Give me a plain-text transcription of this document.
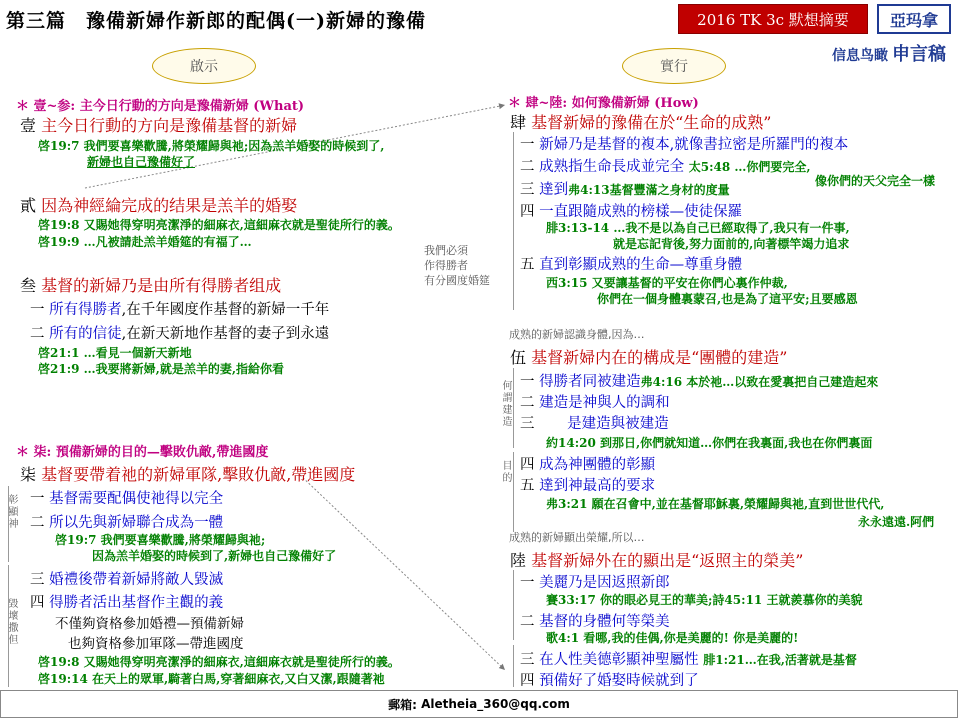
第三篇　豫備新婦作新郎的配偶(一)新婦的豫備	2016 TK 3c 默想摘要	亞玛拿
信息鸟瞰 申言稿
啟示	實行
＊ 壹~参: 主今日行動的方向是豫備新婦 (What)
壹 主今日行動的方向是豫備基督的新婦
啓19:7 我們要喜樂歡騰,將榮耀歸與祂;因為羔羊婚娶的時候到了,
新婦也自己豫備好了
貳 因為神經綸完成的结果是羔羊的婚娶
啓19:8 又賜她得穿明亮潔淨的細麻衣,這細麻衣就是聖徒所行的義。
啓19:9 …凡被請赴羔羊婚筵的有福了…
叁 基督的新婦乃是由所有得勝者组成
一 所有得勝者,在千年國度作基督的新婦一千年
二 所有的信徒,在新天新地作基督的妻子到永遠
啓21:1 …看見一個新天新地
啓21:9 …我要將新婦,就是羔羊的妻,指給你看
＊ 柒: 預備新婦的目的—擊敗仇敵,帶進國度
柒 基督要帶着祂的新婦軍隊,擊敗仇敵,帶進國度
彰顯神 一 基督需要配偶使祂得以完全
二 所以先與新婦聯合成為一體
啓19:7 我們要喜樂歡騰,將榮耀歸與祂;
因為羔羊婚娶的時候到了,新婦也自己豫備好了
毀壞撒但
三 婚禮後帶着新婦將敵人毀滅
四 得勝者活出基督作主觀的義
不僅夠資格參加婚禮—預備新婦
也夠資格參加軍隊—帶進國度
啓19:8 又賜她得穿明亮潔淨的細麻衣,這細麻衣就是聖徒所行的義。
啓19:14 在天上的眾軍,騎著白馬,穿著細麻衣,又白又潔,跟隨著祂
我們必須
作得勝者
有分國度婚筵
＊ 肆~陸: 如何豫備新婦 (How)
肆 基督新婦的豫備在於“生命的成熟”
一 新婦乃是基督的複本,就像書拉密是所羅門的複本
二 成熟指生命長成並完全 太5:48 …你們要完全,
像你們的天父完全一樣
三 達到弗4:13基督豐滿之身材的度量
四 一直跟隨成熟的榜樣—使徒保羅
腓3:13-14 …我不是以為自己已經取得了,我只有一件事,
就是忘記背後,努力面前的,向著標竿竭力追求
五 直到彰顯成熟的生命—尊重身體
西3:15 又要讓基督的平安在你們心裏作仲裁,
你們在一個身體裏蒙召,也是為了這平安;且要感恩
成熟的新婦認識身體,因為…
伍 基督新婦内在的構成是“團體的建造”
何謂建造 一 得勝者同被建造弗4:16 本於祂…以致在愛裏把自己建造起來
二 建造是神與人的調和
三 是建造與被建造
約14:20 到那日,你們就知道…你們在我裏面,我也在你們裏面
目的 四 成為神團體的彰顯
五 達到神最高的要求
弗3:21 願在召會中,並在基督耶穌裏,榮耀歸與祂,直到世世代代,
永永遠遠.阿們
成熟的新婦顯出榮耀,所以…
陸 基督新婦外在的顯出是“返照主的榮美”
一 美麗乃是因返照新郎
賽33:17 你的眼必見王的華美;詩45:11 王就羨慕你的美貌
二 基督的身體何等榮美
歌4:1 看哪,我的佳偶,你是美麗的! 你是美麗的!
三 在人性美德彰顯神聖屬性 腓1:21…在我,活著就是基督
四 預備好了婚娶時候就到了
郵箱:
Aletheia_360@qq.com
